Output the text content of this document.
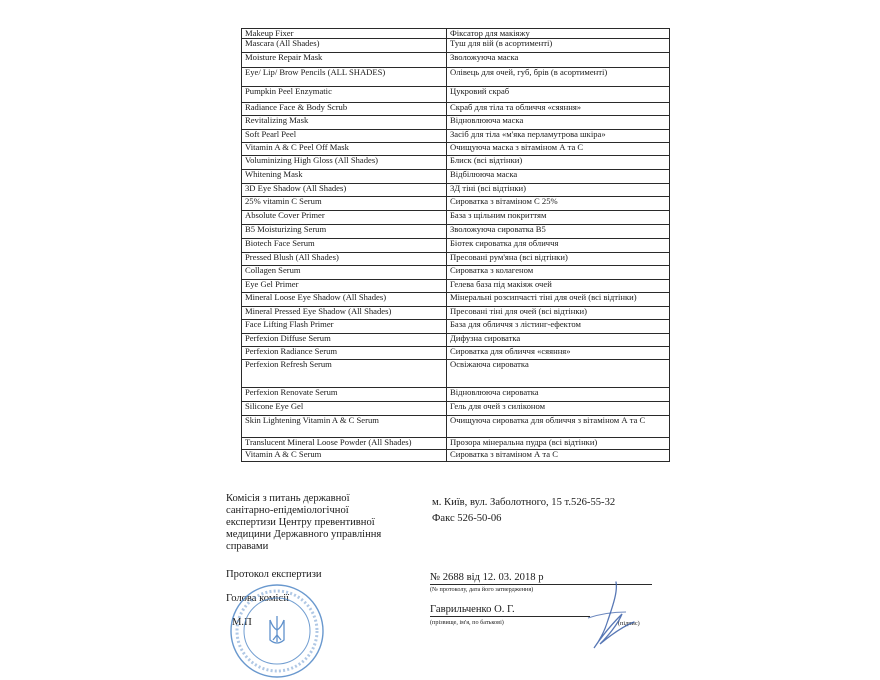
Makeup Fixer	Фіксатор для макіяжу
Mascara (All Shades)	Туш для вій (в асортименті)
Moisture Repair Mask	Зволожуюча маска
Eye/ Lip/ Brow Pencils (ALL SHADES)	Олівець для очей, губ, брів (в асортименті)
Pumpkin Peel Enzymatic	Цукровий скраб
Radiance Face & Body Scrub	Скраб для тіла та обличчя «сяяння»
Revitalizing Mask	Відновлююча маска
Soft Pearl Peel	Засіб для тіла «м'яка перламутрова шкіра»
Vitamin A & C Peel Off Mask	Очищуюча маска з вітаміном А та С
Voluminizing High Gloss (All Shades)	Блиск (всі відтінки)
Whitening Mask	Відбілююча маска
3D Eye Shadow (All Shades)	3Д тіні (всі відтінки)
25% vitamin C Serum	Сироватка з вітаміном С 25%
Absolute Cover Primer	База з щільним покриттям
B5 Moisturizing Serum	Зволожуюча сироватка В5
Biotech Face Serum	Біотек сироватка для обличчя
Pressed Blush (All Shades)	Пресовані рум'яна (всі відтінки)
Collagen Serum	Сироватка з колагеном
Eye Gel Primer	Гелева база під макіяж очей
Mineral Loose Eye Shadow (All Shades)	Мінеральні розсипчасті тіні для очей (всі відтінки)
Mineral Pressed Eye Shadow (All Shades)	Пресовані тіні для очей (всі відтінки)
Face Lifting Flash Primer	База для обличчя з лістинг-ефектом
Perfexion Diffuse Serum	Дифузна сироватка
Perfexion Radiance Serum	Сироватка для обличчя «сяяння»
Perfexion Refresh Serum	Освіжаюча сироватка
Perfexion Renovate Serum	Відновлююча сироватка
Silicone Eye Gel	Гель для очей з силіконом
Skin Lightening Vitamin A & C Serum	Очищуюча сироватка для обличчя з вітаміном А та С
Translucent Mineral Loose Powder (All Shades)	Прозора мінеральна пудра (всі відтінки)
Vitamin A & C Serum	Сироватка з вітаміном А та С
Комісія з питань державної
санітарно-епідеміологічної
експертизи Центру превентивної
медицини Державного управління
справами
м. Київ, вул. Заболотного, 15 т.526-55-32
Факс 526-50-06
Протокол експертизи
Голова комісії
М.П
№ 2688 від 12. 03. 2018 р
(№ протоколу, дата його затвердження)
Гаврильченко О. Г.
(прізвище, ім'я, по батькові)	(підпис)
